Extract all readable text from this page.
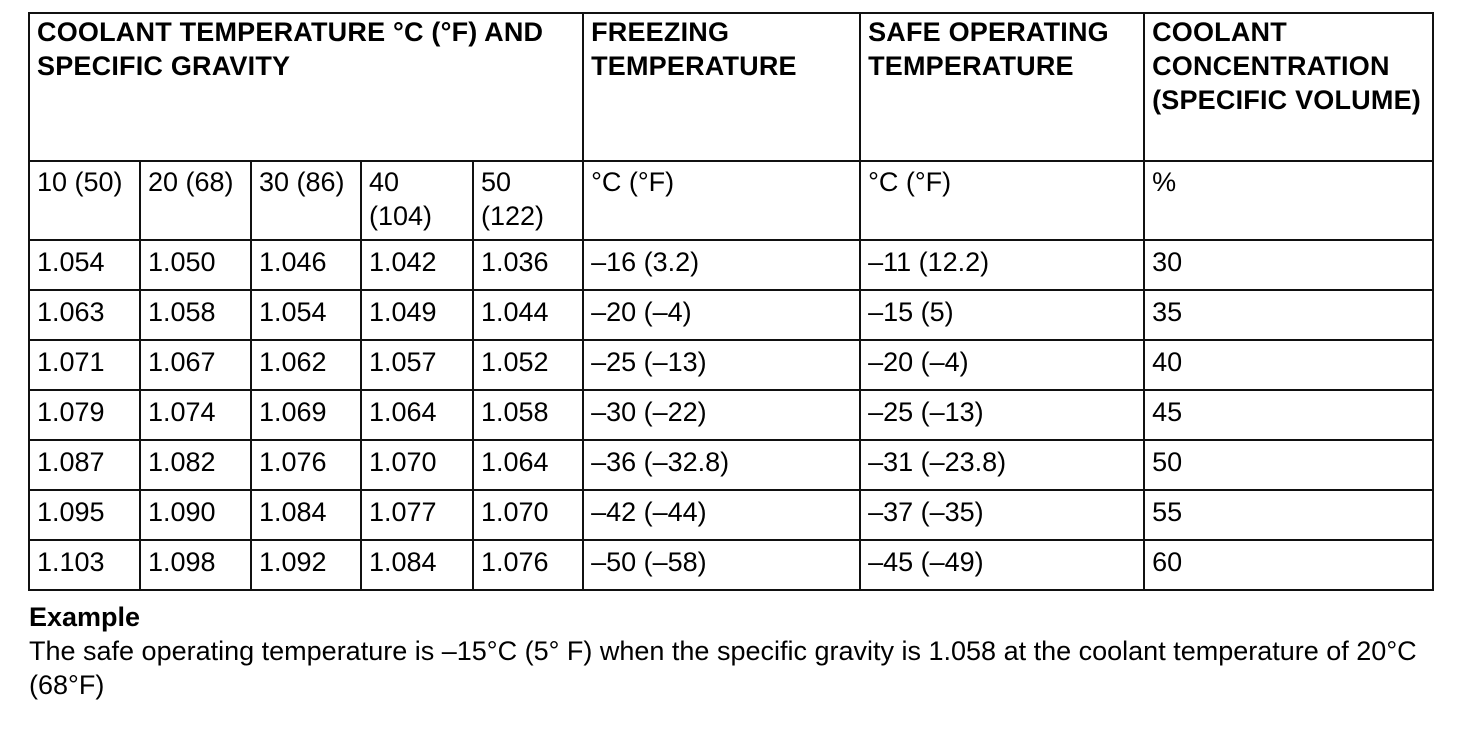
COOLANT TEMPERATURE °C (°F) AND SPECIFIC GRAVITY					FREEZING TEMPERATURE	SAFE OPERATING TEMPERATURE	COOLANT CONCENTRATION (SPECIFIC VOLUME)
10 (50)	20 (68)	30 (86)	40 (104)	50 (122)	°C (°F)	°C (°F)	%
1.054	1.050	1.046	1.042	1.036	–16 (3.2)	–11 (12.2)	30
1.063	1.058	1.054	1.049	1.044	–20 (–4)	–15 (5)	35
1.071	1.067	1.062	1.057	1.052	–25 (–13)	–20 (–4)	40
1.079	1.074	1.069	1.064	1.058	–30 (–22)	–25 (–13)	45
1.087	1.082	1.076	1.070	1.064	–36 (–32.8)	–31 (–23.8)	50
1.095	1.090	1.084	1.077	1.070	–42 (–44)	–37 (–35)	55
1.103	1.098	1.092	1.084	1.076	–50 (–58)	–45 (–49)	60
Example
The safe operating temperature is –15°C (5° F) when the specific gravity is 1.058 at the coolant temperature of 20°C (68°F)
